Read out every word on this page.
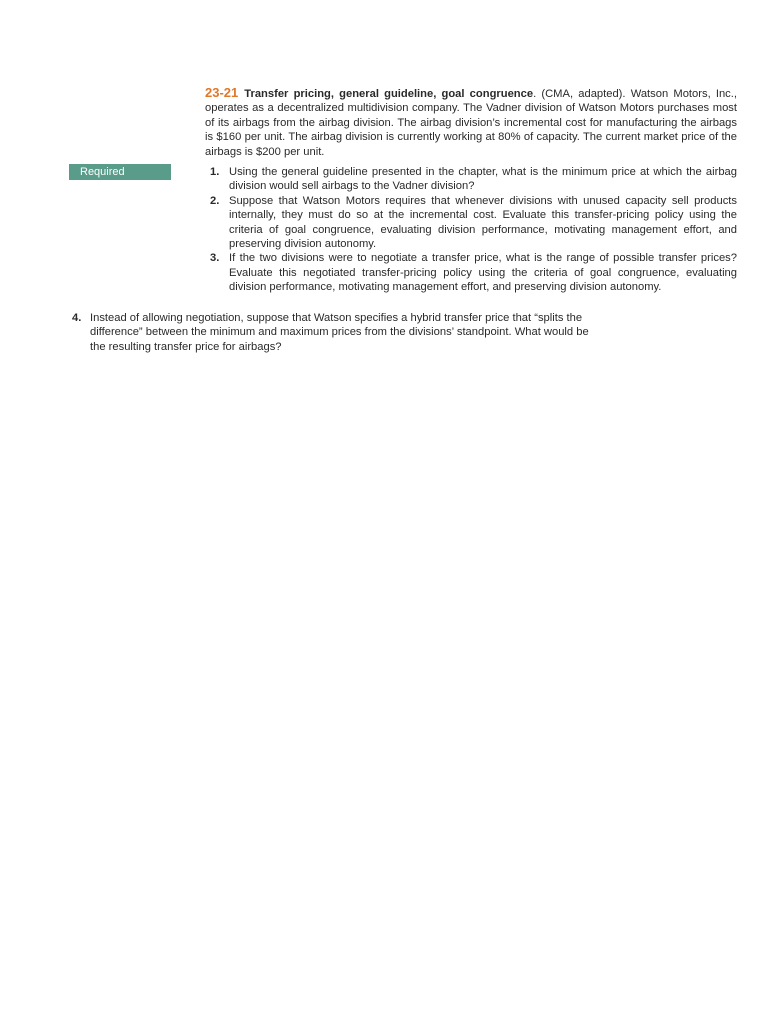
23-21 Transfer pricing, general guideline, goal congruence. (CMA, adapted). Watson Motors, Inc., operates as a decentralized multidivision company. The Vadner division of Watson Motors purchases most of its airbags from the airbag division. The airbag division’s incremental cost for manufacturing the airbags is $160 per unit. The airbag division is currently working at 80% of capacity. The current market price of the airbags is $200 per unit.
Required	1. Using the general guideline presented in the chapter, what is the minimum price at which the airbag division would sell airbags to the Vadner division?
2. Suppose that Watson Motors requires that whenever divisions with unused capacity sell products internally, they must do so at the incremental cost. Evaluate this transfer-pricing policy using the criteria of goal congruence, evaluating division performance, motivating management effort, and preserving division autonomy.
3. If the two divisions were to negotiate a transfer price, what is the range of possible transfer prices? Evaluate this negotiated transfer-pricing policy using the criteria of goal congruence, evaluating division performance, motivating management effort, and preserving division autonomy.
4. Instead of allowing negotiation, suppose that Watson specifies a hybrid transfer price that “splits the difference” between the minimum and maximum prices from the divisions’ standpoint. What would be the resulting transfer price for airbags?
